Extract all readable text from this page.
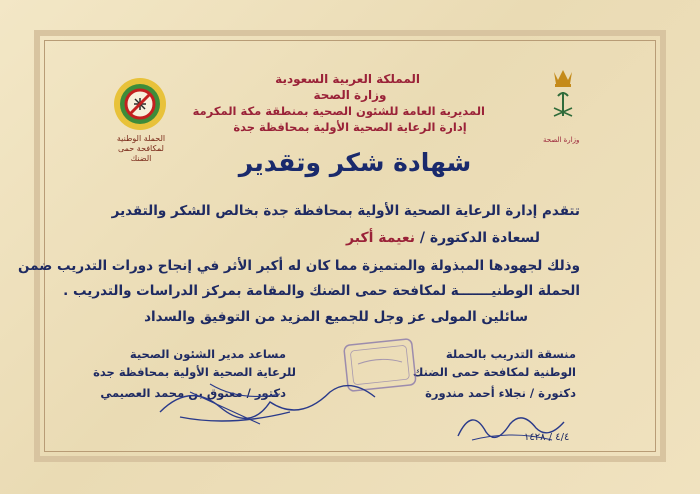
وزارة الصحة
الحملة الوطنية
لمكافحة حمى الضنك
المملكة العربية السعودية
وزارة الصحة
المديرية العامة للشئون الصحية بمنطقة مكة المكرمة
إدارة الرعاية الصحية الأولية بمحافظة جدة
شهادة شكر وتقدير
تتقدم إدارة الرعاية الصحية الأولية بمحافظة جدة بخالص الشكر والتقدير
لسعادة الدكتورة / نعيمة أكبر
وذلك لجهودها المبذولة والمتميزة مما كان له أكبر الأثر في إنجاح دورات التدريب ضمن
الحملة الوطنيـــــــة لمكافحة حمى الضنك والمقامة بمركز الدراسات والتدريب .
سائلين المولى عز وجل للجميع المزيد من التوفيق والسداد
منسقة التدريب بالحملة
الوطنية لمكافحة حمى الضنك
دكتورة / نجلاء أحمد مندورة
مساعد مدير الشئون الصحية
للرعاية الصحية الأولية بمحافظة جدة
دكتور / معتوق بن محمد العصيمي
٤/٤ / ١٤٢٨
